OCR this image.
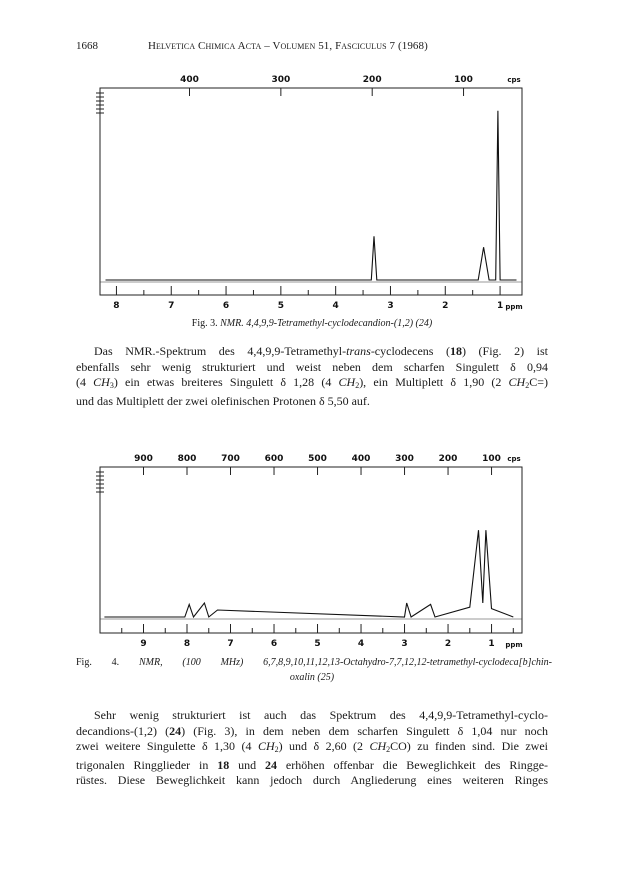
1668	Helvetica Chimica Acta – Volumen 51, Fasciculus 7 (1968)
400	300	200	100	cps
8	7	6	5	4	3	2	1 ppm
900	800	700	600	500	400	300	200	100 cps
9	8	7	6	5	4	3	2	1 ppm
Fig. 3. NMR. 4,4,9,9-Tetramethyl-cyclodecandion-(1,2) (24)
Das NMR.-Spektrum des 4,4,9,9-Tetramethyl-trans-cyclodecens (18) (Fig. 2) ist
ebenfalls sehr wenig strukturiert und weist neben dem scharfen Singulett δ 0,94
(4 $CH_3$) ein etwas breiteres Singulett δ 1,28 (4 $CH_2$), ein Multiplett δ 1,90 (2 $CH_2C=$)
und das Multiplett der zwei olefinischen Protonen δ 5,50 auf.
Fig. 4. NMR, (100 MHz) 6,7,8,9,10,11,12,13-Octahydro-7,7,12,12-tetramethyl-cyclodeca[b]chin-
oxalin (25)
Sehr wenig strukturiert ist auch das Spektrum des 4,4,9,9-Tetramethyl-cyclo-
decandions-(1,2) (24) (Fig. 3), in dem neben dem scharfen Singulett δ 1,04 nur noch
zwei weitere Singulette δ 1,30 (4 $CH_2$) und δ 2,60 (2 $CH_2CO$) zu finden sind. Die zwei
trigonalen Ringglieder in 18 und 24 erhöhen offenbar die Beweglichkeit des Ringge-
rüstes. Diese Beweglichkeit kann jedoch durch Angliederung eines weiteren Ringes
